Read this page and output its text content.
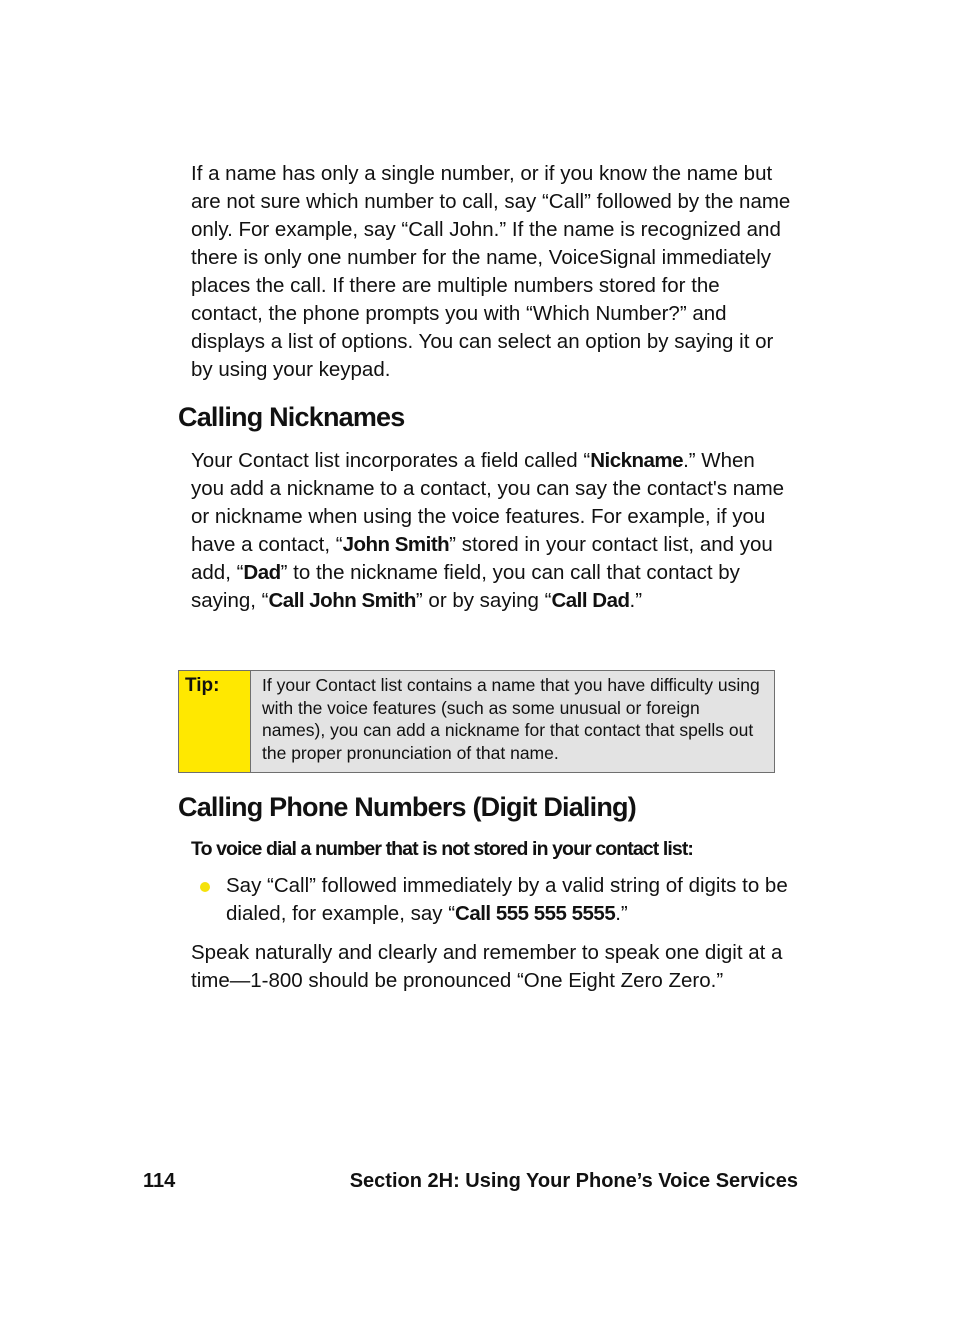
If a name has only a single number, or if you know the name but are not sure which number to call, say “Call” followed by the name only. For example, say “Call John.” If the name is recognized and there is only one number for the name, VoiceSignal immediately places the call. If there are multiple numbers stored for the contact, the phone prompts you with “Which Number?” and displays a list of options. You can select an option by saying it or by using your keypad.

Calling Nicknames

Your Contact list incorporates a field called “Nickname.” When you add a nickname to a contact, you can say the contact's name or nickname when using the voice features. For example, if you have a contact, “John Smith” stored in your contact list, and you add, “Dad” to the nickname field, you can call that contact by saying, “Call John Smith” or by saying “Call Dad.”

Tip:	If your Contact list contains a name that you have difficulty using with the voice features (such as some unusual or foreign names), you can add a nickname for that contact that spells out the proper pronunciation of that name.
Calling Phone Numbers (Digit Dialing)
To voice dial a number that is not stored in your contact list:

Say “Call” followed immediately by a valid string of digits to be dialed, for example, say “Call 555 555 5555.”

Speak naturally and clearly and remember to speak one digit at a time—1-800 should be pronounced “One Eight Zero Zero.”

114	Section 2H: Using Your Phone’s Voice Services
